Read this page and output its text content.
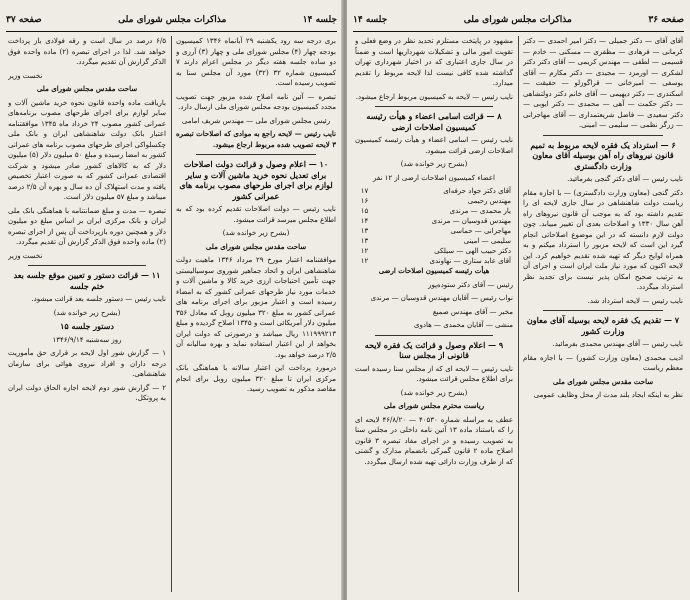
جلسه ۱۴
مذاکرات مجلس شورای ملی
صفحه ۳۷

بری درجه سه رود یکشنبه ۲۹ آبانماه ۱۳۴۶ کمیسیون بودجه چهار (۴) مجلس شورای ملی و چهار (۳) آرزی و دو ساده جلسه هفته دیگر در مجلس اعزام دارند ۷ کمیسیون شماره ۳۲ (۳۲) مورد آن مجلس سنا به تصویب رسیده است.

تبصره — آئین نامه اصلاح شده مزبور جهت تصویب مجدد کمیسیون بودجه مجلس شورای ملی ارسال دارد.

رئیس مجلس شورای ملی — مهندس شریف امامی

نایب رئیس — لایحه راجع به موادی که اصلاحات تبصره ۳ لایحه تصویب شده مربوط ارجاع میشود.

۱۰ — اعلام وصول و قرائت دولت اصلاحات برای تعدیل نحوه خرید ماشین آلات و سایر لوازم برای اجرای طرحهای مصوب برنامه های عمرانی کشور

نایب رئیس — دولت اصلاحات تقدیم کرده بود که به اطلاع مجلس میرسد قرائت میشود.

(بشرح زیر خوانده شد)

ساحت مقدس مجلس شورای ملی

موافقتنامه اعتبار مورخ ۲۹ مرداد ۱۳۴۶ ماهیت دولت شاهنشاهی ایران و اتحاد جماهیر شوروی سوسیالیستی جهت تأمین احتیاجات ارزی خرید کالا و ماشین آلات و خدمات مورد نیاز طرحهای عمرانی کشور که به امضاء رسیده است و اعتبار مزبور برای اجرای برنامه های عمرانی کشور به مبلغ ۳۲۰ میلیون روبل که معادل ۳۵۶ میلیون دلار آمریکائی است و ۱۳۴۵ اصلاح گردیده و مبلغ ۱۱۱۹۹۹۲۱۳ ریال میباشد و درصورتی که دولت ایران بخواهد از این اعتبار استفاده نماید و بهره سالیانه آن ۲/۵ درصد خواهد بود.

درمورد پرداخت این اعتبار سالانه با هماهنگی بانک مرکزی ایران تا مبلغ ۳۲۰ میلیون روبل برای انجام مقاصد مذکور به تصویب رسید.

۶/۵ درصد در سال است و رقه فولادی باز پرداخت خواهد شد. لذا در اجرای تبصره (۲) ماده واحده فوق الذکر گزارش آن تقدیم میگردد.

نخست وزیر

ساحت مقدس مجلس شورای ملی

باریافت ماده واحده قانون نحوه خرید ماشین آلات و سایر لوازم برای اجرای طرحهای مصوب برنامه‌های عمرانی کشور مصوب ۲۴ خرداد ماه ۱۳۴۵ موافقتنامه اعتبار بانک دولت شاهنشاهی ایران و بانک ملی چکسلواکی اجرای طرحهای مصوب برنامه های عمرانی کشور به امضا رسیده و مبلغ ۵۰ میلیون دلار (۵) میلیون دلار که به کالاهای کشور صادر میشود و شرکت اقتصادی عمرانی کشور که به صورت اعتبار تخصیص یافته و مدت استهلاک آن ده سال و بهره آن ۲/۵ درصد میباشد و مبلغ ۵۷ میلیون دلار است.

تبصره — مدت و مبلغ ضمانتنامه با هماهنگی بانک ملی ایران و بانک مرکزی ایران بر اساس مبلغ دو میلیون دلار و همچنین دوره بازپرداخت آن پس از اجرای تبصره (۲) ماده واحده فوق الذکر گزارش آن تقدیم میگردد.

نخست وزیر

۱۱ — قرائت دستور و تعیین موقع جلسه بعد ختم جلسه

نایب رئیس — دستور جلسه بعد قرائت میشود.

(بشرح زیر خوانده شد)

دستور جلسه ۱۵

روز سه‌شنبه ۱۳۴۶/۹/۱۴

۱ — گزارش شور اول لایحه بر قراری حق مأموریت درجه داران و افراد نیروی هوائی برای سازمان شاهنشاهی.

۲ — گزارش شور دوم لایحه اجازه الحاق دولت ایران به پروتکل.

صفحه ۳۶
مذاکرات مجلس شورای ملی
جلسه ۱۴

آقای آقای — دکتر جمیلی — دکتر امیر احمدی — دکتر کرمانی — فرهادی — مظفری — مسکنی — خادم — قسیمی — لطفی — مهندس کریمی — آقای دکتر دکتر لشکری — اورمزد — مجیدی — دکتر مکارم — آقای یوسفی — امیرخانی — قراگوزلو — حقیقت — اسکندری — دکتر دیهیمی — آقای خانم دکتر دولتشاهی — دکتر حکمت — آهی — محمدی — دکتر ایوبی — دکتر سعیدی — فاضل شریعتمداری — آقای مهاجرانی — زرگر نظمی — سلیمی — امینی.

۶ — استرداد یک فقره لایحه مربوط به تمیم قانون نیروهای راه آهن بوسیله آقای معاون وزارت دادگستری

نایب رئیس — آقای دکتر گنجی بفرمائید.

دکتر گنجی (معاون وزارت دادگستری) — با اجازه مقام ریاست دولت شاهنشاهی در سال جاری لایحه ای را تقدیم داشته بود که به موجب آن قانون نیروهای راه آهن سال ۱۳۳۰ و اصلاحات بعدی آن تغییر مییابد. چون دولت لازم دانسته که در این موضوع اصلاحاتی انجام گیرد این است که لایحه مزبور را استرداد میکنم و به همراه لوایح دیگر که تهیه شده تقدیم خواهیم کرد. این لایحه اکنون که مورد نیاز ملت ایران است و اجرای آن به ترتیب صحیح امکان پذیر نیست برای تجدید نظر استرداد میگردد.

نایب رئیس — لایحه استرداد شد.

۷ — تقدیم یک فقره لایحه بوسیله آقای معاون وزارت کشور

نایب رئیس — آقای مهندس محمدی بفرمائید.

ادیب محمدی (معاون وزارت کشور) — با اجازه مقام معظم ریاست

ساحت مقدس مجلس شورای ملی

نظر به اینکه ایجاد بلند مدت از محل وظایف عمومی

مشهود در پایتخت مستلزم تحدید نظر در وضع فعلی و تقویت امور مالی و تشکیلات شهرداریها است و ضمناً در سال جاری اعتباری که در اختیار شهرداری تهران گذاشته شده کافی نیست لذا لایحه مربوط را تقدیم میدارد.

نایب رئیس — لایحه به کمیسیون مربوط ارجاع میشود.

۸ — قرائت اسامی اعضاء و هیأت رئیسه کمیسیون اصلاحات ارضی

نایب رئیس — اسامی اعضاء و هیأت رئیسه کمیسیون اصلاحات ارضی قرائت میشود.

(بشرح زیر خوانده شد)

اعضاء کمیسیون اصلاحات ارضی از ۱۲ نفر

آقای دکتر جواد حرفه‌ای	۱۷
مهندس رحیمی	۱۶
یار محمدی — مرندی	۱۵
مهندس قدوسیان — مرندی	۱۴
مهاجرانی — حماسی	۱۳
سلیمی — امینی	۱۳
دکتر حبیب الهی — سیلکی	۱۲
آقای عابد ستاری — نهاوندی	۱۲

هیأت رئیسه کمیسیون اصلاحات ارضی

رئیس — آقای دکتر ستوده‌پور

نواب رئیس — آقایان مهندس قدوسیان — مرندی

مخبر — آقای مهندس صمیع

منشی — آقایان محمدی — هادوی

۹ — اعلام وصول و قرائت یک فقره لایحه قانونی از مجلس سنا

نایب رئیس — لایحه ای که از مجلس سنا رسیده است برای اطلاع مجلس قرائت میشود.

(بشرح زیر خوانده شد)

ریاست محترم مجلس شورای ملی

عطف به مراسله شماره ۴۰۵۳۰ — ۴۶/۸/۲۰ لایحه ای را که باستناد ماده ۱۳ آئین نامه داخلی در مجلس سنا به تصویب رسیده و در اجرای مفاد تبصره ۳ قانون اصلاح ماده ۲ قانون گمرکی بانضمام مدارک و گشتی که از طرف وزارت دارائی تهیه شده ارسال میگردد.
